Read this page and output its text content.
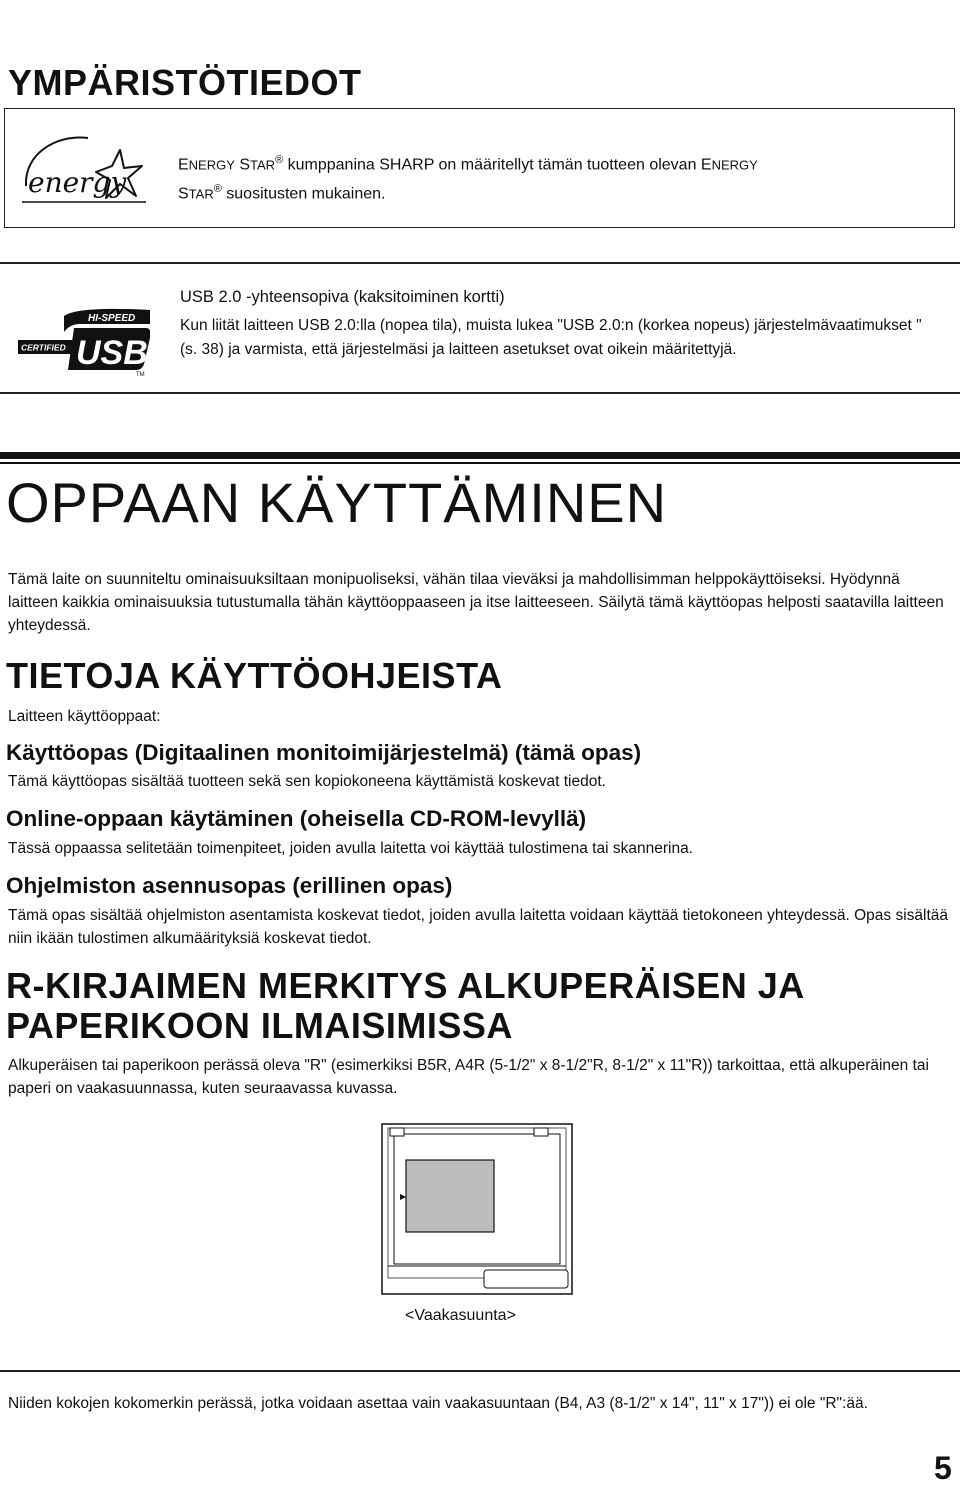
YMPÄRISTÖTIEDOT
energy
ENERGY STAR® kumppanina SHARP on määritellyt tämän tuotteen olevan ENERGY
STAR® suositusten mukainen.
HI-SPEED
CERTIFIED USB
TM
USB 2.0 -yhteensopiva (kaksitoiminen kortti)
Kun liität laitteen USB 2.0:lla (nopea tila), muista lukea "USB 2.0:n (korkea nopeus) järjestelmävaatimukset " (s. 38) ja varmista, että järjestelmäsi ja laitteen asetukset ovat oikein määritettyjä.
OPPAAN KÄYTTÄMINEN
Tämä laite on suunniteltu ominaisuuksiltaan monipuoliseksi, vähän tilaa vieväksi ja mahdollisimman helppokäyttöiseksi. Hyödynnä laitteen kaikkia ominaisuuksia tutustumalla tähän käyttöoppaaseen ja itse laitteeseen. Säilytä tämä käyttöopas helposti saatavilla laitteen yhteydessä.
TIETOJA KÄYTTÖOHJEISTA
Laitteen käyttöoppaat:
Käyttöopas (Digitaalinen monitoimijärjestelmä) (tämä opas)
Tämä käyttöopas sisältää tuotteen sekä sen kopiokoneena käyttämistä koskevat tiedot.
Online-oppaan käytäminen (oheisella CD-ROM-levyllä)
Tässä oppaassa selitetään toimenpiteet, joiden avulla laitetta voi käyttää tulostimena tai skannerina.
Ohjelmiston asennusopas (erillinen opas)
Tämä opas sisältää ohjelmiston asentamista koskevat tiedot, joiden avulla laitetta voidaan käyttää tietokoneen yhteydessä. Opas sisältää niin ikään tulostimen alkumäärityksiä koskevat tiedot.
R-KIRJAIMEN MERKITYS ALKUPERÄISEN JA PAPERIKOON ILMAISIMISSA
Alkuperäisen tai paperikoon perässä oleva "R" (esimerkiksi B5R, A4R (5-1/2" x 8-1/2"R, 8-1/2" x 11"R)) tarkoittaa, että alkuperäinen tai paperi on vaakasuunnassa, kuten seuraavassa kuvassa.
<Vaakasuunta>
Niiden kokojen kokomerkin perässä, jotka voidaan asettaa vain vaakasuuntaan (B4, A3 (8-1/2" x 14", 11" x 17")) ei ole "R":ää.
5
